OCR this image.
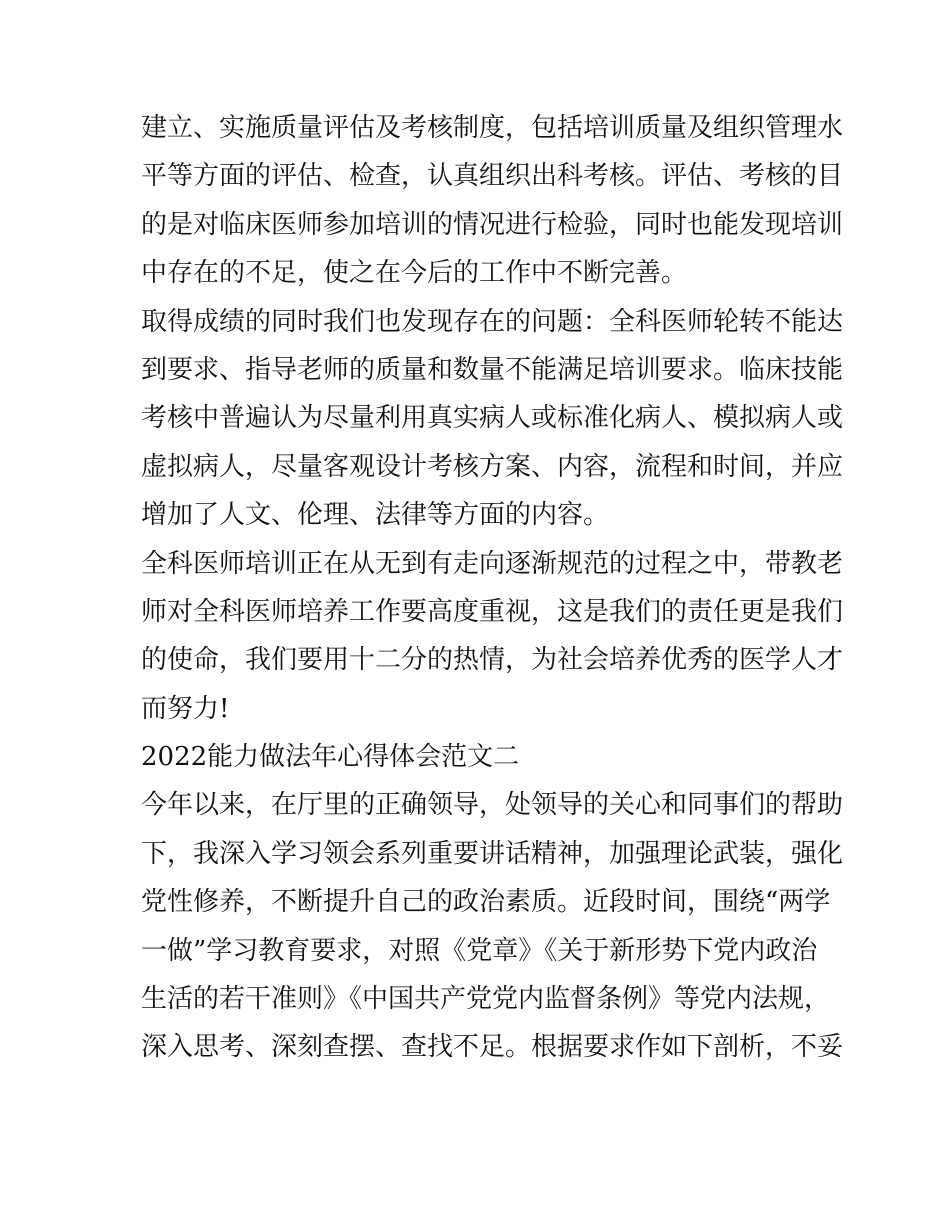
建立、实施质量评估及考核制度，包括培训质量及组织管理水
平等方面的评估、检查，认真组织出科考核。评估、考核的目
的是对临床医师参加培训的情况进行检验，同时也能发现培训
中存在的不足，使之在今后的工作中不断完善。
取得成绩的同时我们也发现存在的问题：全科医师轮转不能达
到要求、指导老师的质量和数量不能满足培训要求。临床技能
考核中普遍认为尽量利用真实病人或标准化病人、模拟病人或
虚拟病人，尽量客观设计考核方案、内容，流程和时间，并应
增加了人文、伦理、法律等方面的内容。
全科医师培训正在从无到有走向逐渐规范的过程之中，带教老
师对全科医师培养工作要高度重视，这是我们的责任更是我们
的使命，我们要用十二分的热情，为社会培养优秀的医学人才
而努力!
2022能力做法年心得体会范文二
今年以来，在厅里的正确领导，处领导的关心和同事们的帮助
下，我深入学习领会系列重要讲话精神，加强理论武装，强化
党性修养，不断提升自己的政治素质。近段时间，围绕“两学
一做”学习教育要求，对照《党章》《关于新形势下党内政治
生活的若干准则》《中国共产党党内监督条例》等党内法规，
深入思考、深刻查摆、查找不足。根据要求作如下剖析，不妥
